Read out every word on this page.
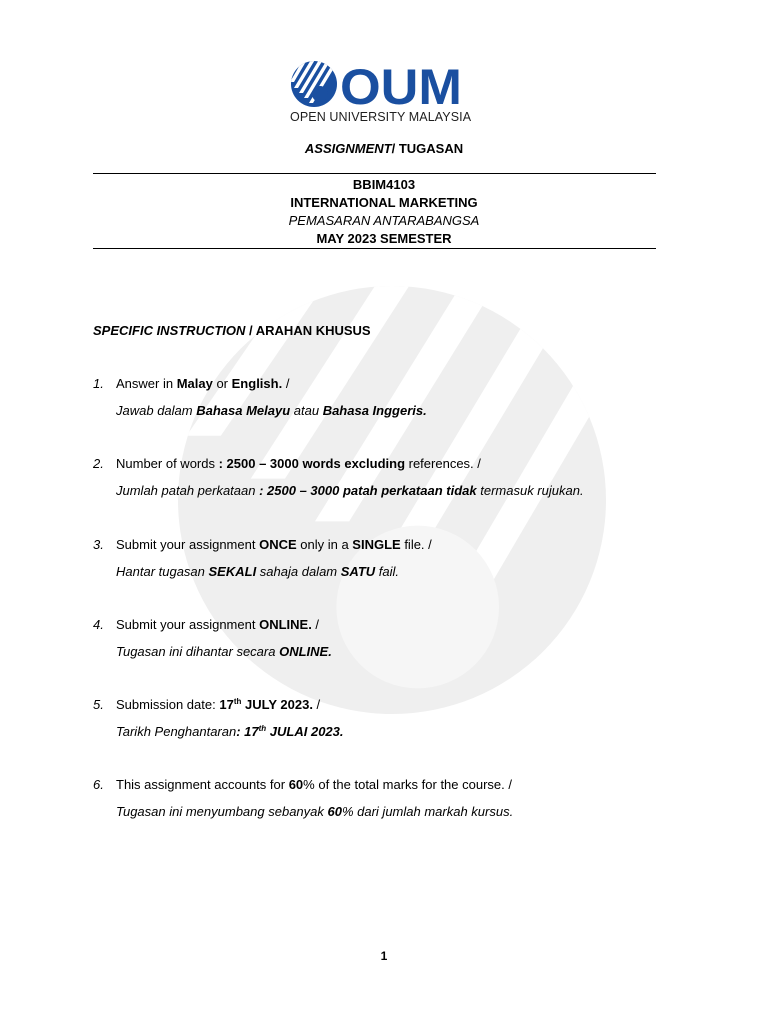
OUM
OPEN UNIVERSITY MALAYSIA
ASSIGNMENT/ TUGASAN
BBIM4103
INTERNATIONAL MARKETING
PEMASARAN ANTARABANGSA
MAY 2023 SEMESTER
SPECIFIC INSTRUCTION / ARAHAN KHUSUS
1. Answer in Malay or English. /
Jawab dalam Bahasa Melayu atau Bahasa Inggeris.
2. Number of words : 2500 – 3000 words excluding references. /
Jumlah patah perkataan : 2500 – 3000 patah perkataan tidak termasuk rujukan.
3. Submit your assignment ONCE only in a SINGLE file. /
Hantar tugasan SEKALI sahaja dalam SATU fail.
4. Submit your assignment ONLINE. /
Tugasan ini dihantar secara ONLINE.
5. Submission date: 17th JULY 2023. /
Tarikh Penghantaran: 17th JULAI 2023.
6. This assignment accounts for 60% of the total marks for the course. /
Tugasan ini menyumbang sebanyak 60% dari jumlah markah kursus.
1
